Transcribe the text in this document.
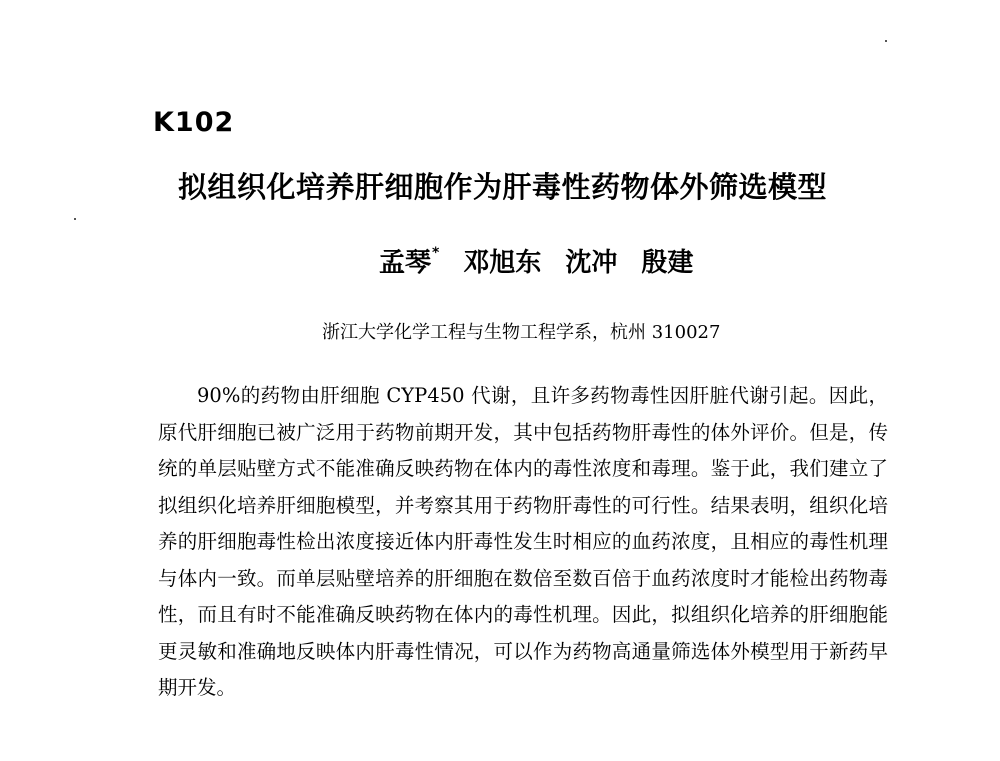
K102
拟组织化培养肝细胞作为肝毒性药物体外筛选模型
孟琴* 邓旭东 沈冲 殷建
浙江大学化学工程与生物工程学系，杭州 310027

90%的药物由肝细胞 CYP450 代谢，且许多药物毒性因肝脏代谢引起。因此，原代肝细胞已被广泛用于药物前期开发，其中包括药物肝毒性的体外评价。但是，传统的单层贴壁方式不能准确反映药物在体内的毒性浓度和毒理。鉴于此，我们建立了拟组织化培养肝细胞模型，并考察其用于药物肝毒性的可行性。结果表明，组织化培养的肝细胞毒性检出浓度接近体内肝毒性发生时相应的血药浓度，且相应的毒性机理与体内一致。而单层贴壁培养的肝细胞在数倍至数百倍于血药浓度时才能检出药物毒性，而且有时不能准确反映药物在体内的毒性机理。因此，拟组织化培养的肝细胞能更灵敏和准确地反映体内肝毒性情况，可以作为药物高通量筛选体外模型用于新药早期开发。
